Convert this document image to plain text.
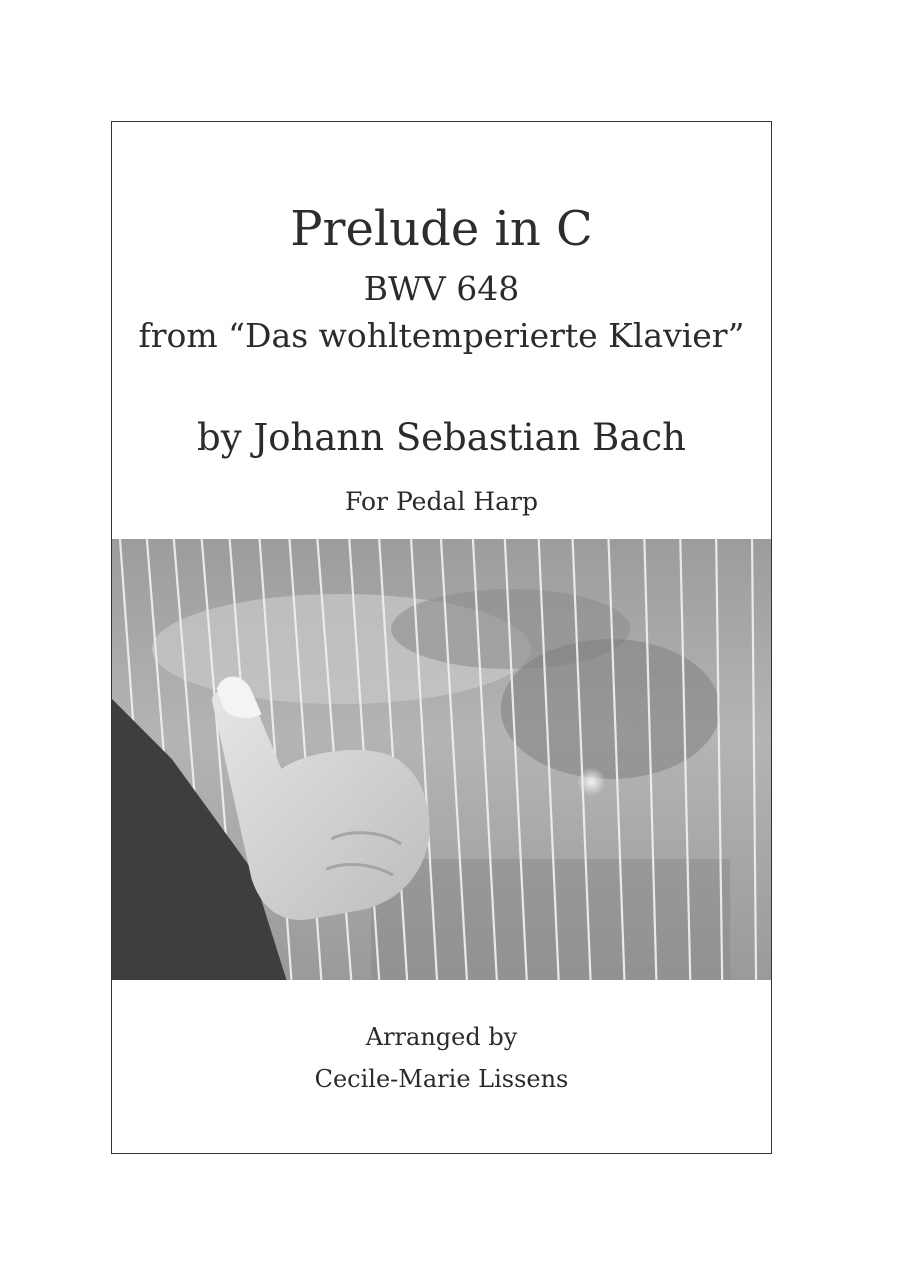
Prelude in C
BWV 648
from “Das wohltemperierte Klavier”
by Johann Sebastian Bach
For Pedal Harp
Arranged by
Cecile-Marie Lissens
